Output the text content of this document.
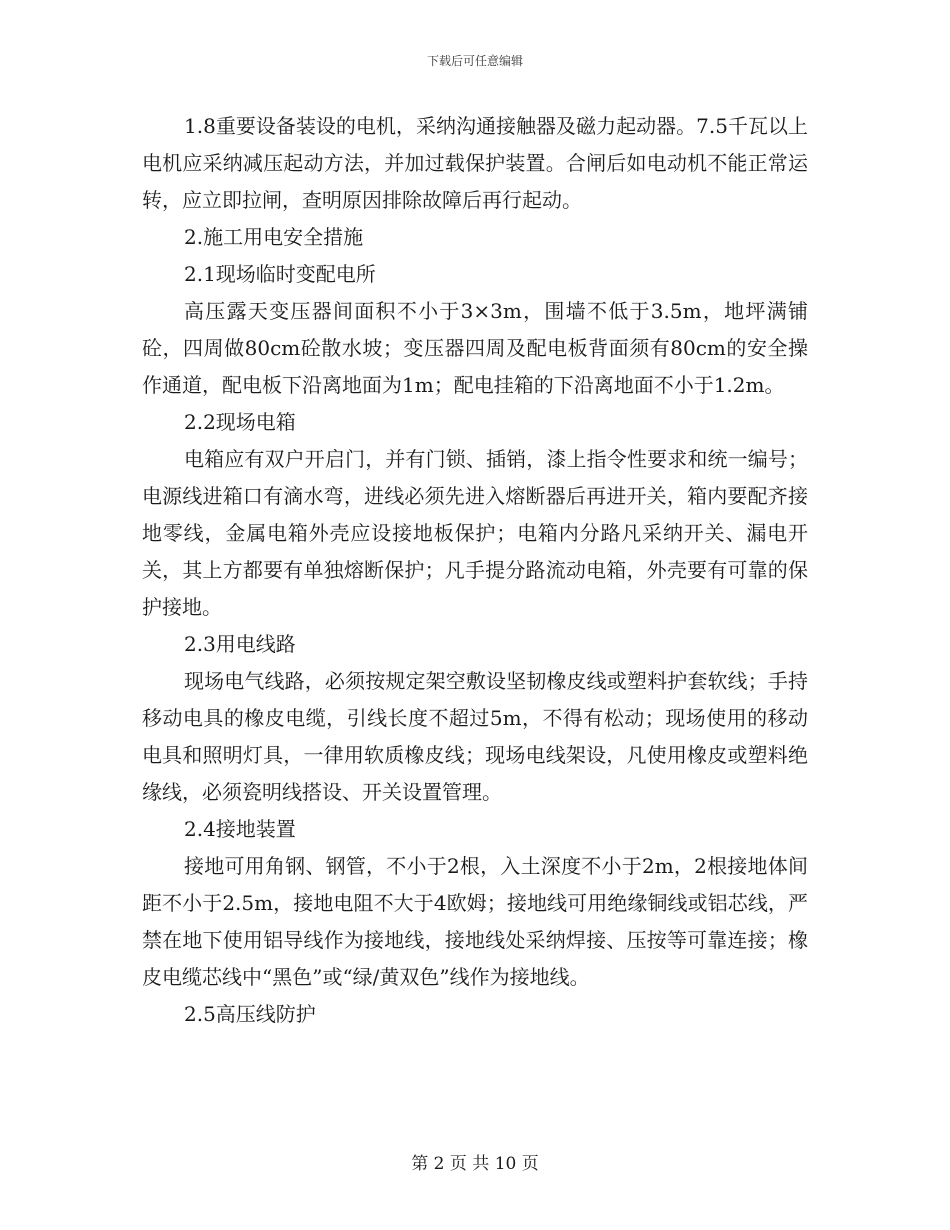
下载后可任意编辑

1.8重要设备装设的电机，采纳沟通接触器及磁力起动器。7.5千瓦以上电机应采纳减压起动方法，并加过载保护装置。合闸后如电动机不能正常运转，应立即拉闸，查明原因排除故障后再行起动。

2.施工用电安全措施

2.1现场临时变配电所

高压露天变压器间面积不小于3×3m，围墙不低于3.5m，地坪满铺砼，四周做80cm砼散水坡；变压器四周及配电板背面须有80cm的安全操作通道，配电板下沿离地面为1m；配电挂箱的下沿离地面不小于1.2m。

2.2现场电箱

电箱应有双户开启门，并有门锁、插销，漆上指令性要求和统一编号；电源线进箱口有滴水弯，进线必须先进入熔断器后再进开关，箱内要配齐接地零线，金属电箱外壳应设接地板保护；电箱内分路凡采纳开关、漏电开关，其上方都要有单独熔断保护；凡手提分路流动电箱，外壳要有可靠的保护接地。

2.3用电线路

现场电气线路，必须按规定架空敷设坚韧橡皮线或塑料护套软线；手持移动电具的橡皮电缆，引线长度不超过5m，不得有松动；现场使用的移动电具和照明灯具，一律用软质橡皮线；现场电线架设，凡使用橡皮或塑料绝缘线，必须瓷明线搭设、开关设置管理。

2.4接地装置

接地可用角钢、钢管，不小于2根，入土深度不小于2m，2根接地体间距不小于2.5m，接地电阻不大于4欧姆；接地线可用绝缘铜线或铝芯线，严禁在地下使用铝导线作为接地线，接地线处采纳焊接、压按等可靠连接；橡皮电缆芯线中“黑色”或“绿/黄双色”线作为接地线。

2.5高压线防护

第 2 页 共 10 页
